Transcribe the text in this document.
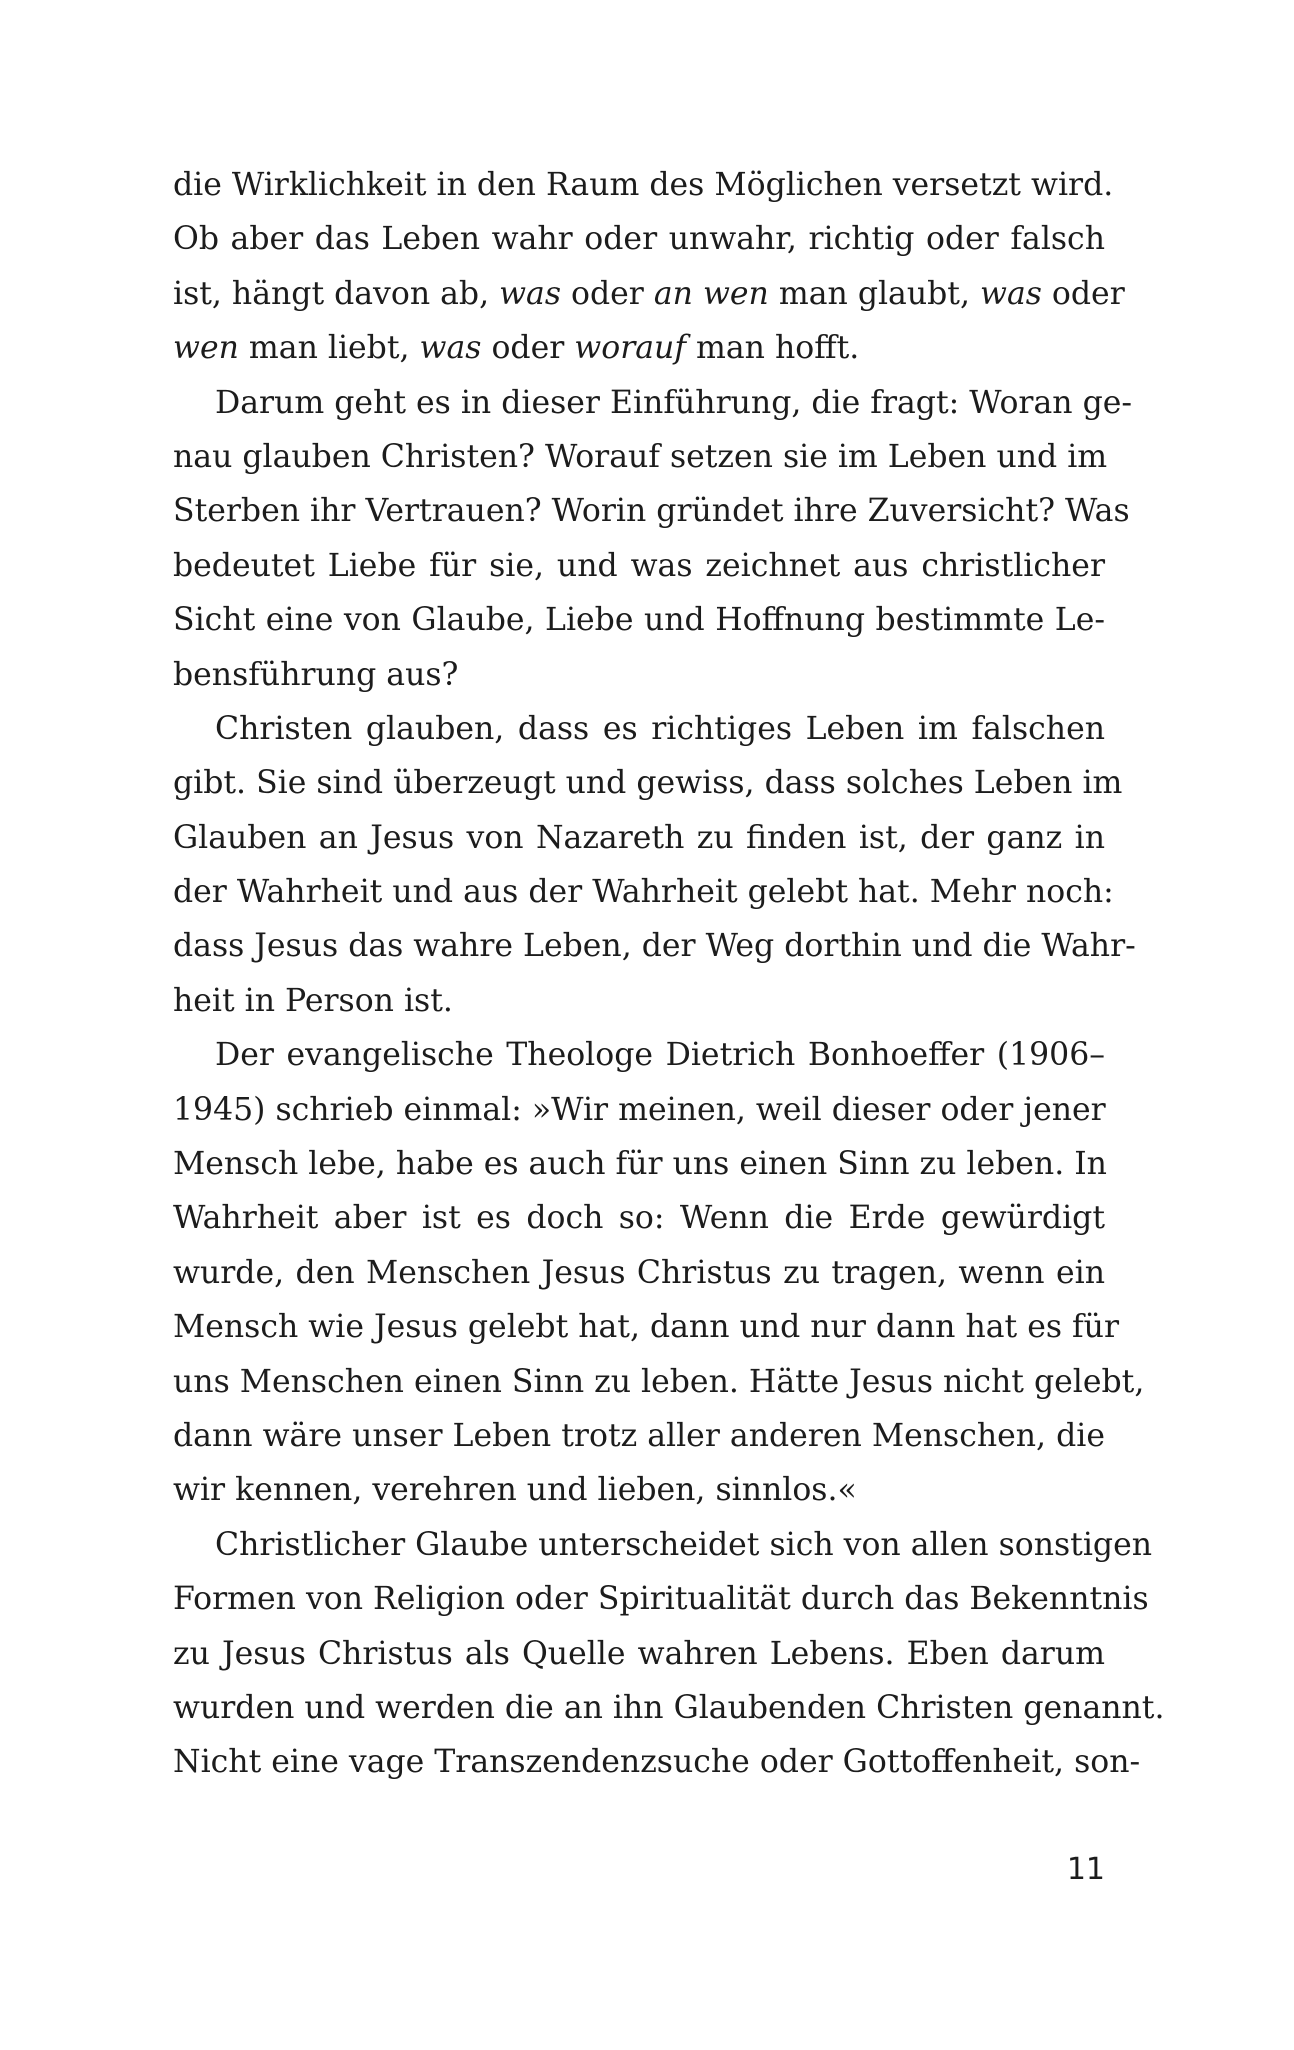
die Wirklichkeit in den Raum des Möglichen versetzt wird.
Ob aber das Leben wahr oder unwahr, richtig oder falsch
ist, hängt davon ab, was oder an wen man glaubt, was oder
wen man liebt, was oder worauf man hofft.
Darum geht es in dieser Einführung, die fragt: Woran ge-
nau glauben Christen? Worauf setzen sie im Leben und im
Sterben ihr Vertrauen? Worin gründet ihre Zuversicht? Was
bedeutet Liebe für sie, und was zeichnet aus christlicher
Sicht eine von Glaube, Liebe und Hoffnung bestimmte Le-
bensführung aus?
Christen glauben, dass es richtiges Leben im falschen
gibt. Sie sind überzeugt und gewiss, dass solches Leben im
Glauben an Jesus von Nazareth zu finden ist, der ganz in
der Wahrheit und aus der Wahrheit gelebt hat. Mehr noch:
dass Jesus das wahre Leben, der Weg dorthin und die Wahr-
heit in Person ist.
Der evangelische Theologe Dietrich Bonhoeffer (1906–
1945) schrieb einmal: »Wir meinen, weil dieser oder jener
Mensch lebe, habe es auch für uns einen Sinn zu leben. In
Wahrheit aber ist es doch so: Wenn die Erde gewürdigt
wurde, den Menschen Jesus Christus zu tragen, wenn ein
Mensch wie Jesus gelebt hat, dann und nur dann hat es für
uns Menschen einen Sinn zu leben. Hätte Jesus nicht gelebt,
dann wäre unser Leben trotz aller anderen Menschen, die
wir kennen, verehren und lieben, sinnlos.«
Christlicher Glaube unterscheidet sich von allen sonstigen
Formen von Religion oder Spiritualität durch das Bekenntnis
zu Jesus Christus als Quelle wahren Lebens. Eben darum
wurden und werden die an ihn Glaubenden Christen genannt.
Nicht eine vage Transzendenzsuche oder Gottoffenheit, son-
11
